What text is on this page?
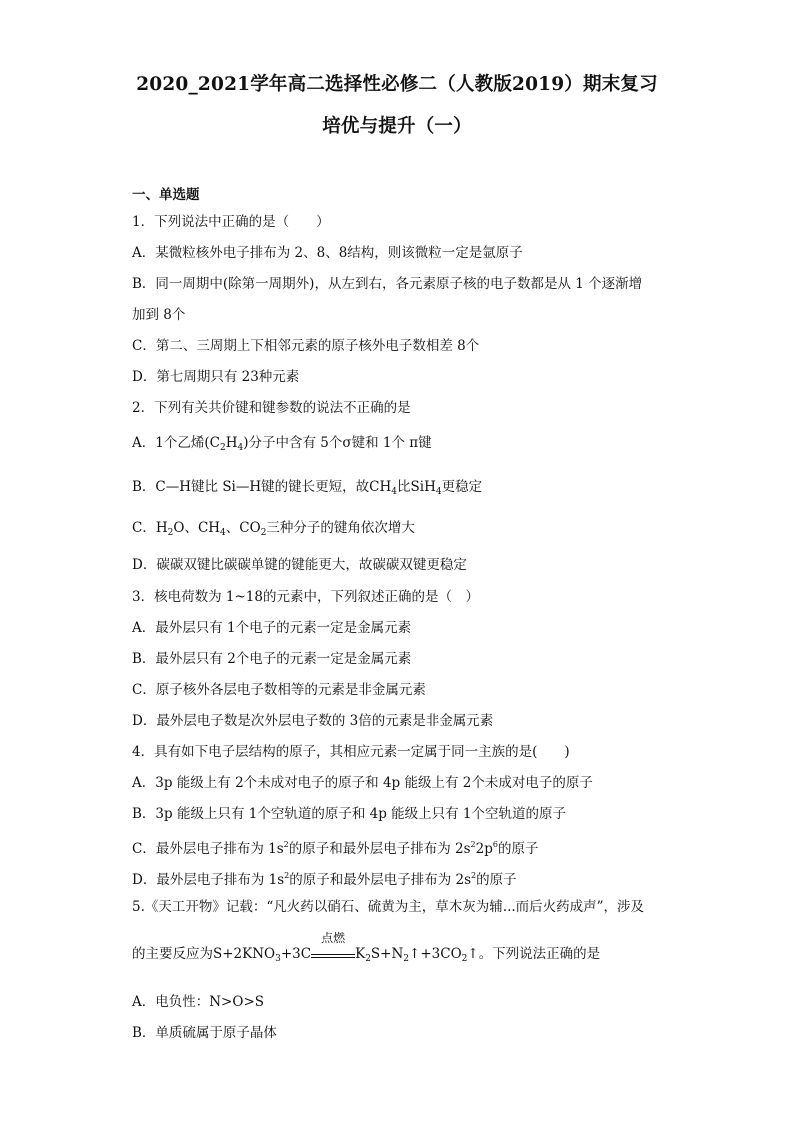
2020_2021学年高二选择性必修二（人教版2019）期末复习
培优与提升（一）
一、单选题
1．下列说法中正确的是（　　）
A．某微粒核外电子排布为 2、8、8结构，则该微粒一定是氩原子
B．同一周期中(除第一周期外)，从左到右，各元素原子核的电子数都是从 1 个逐渐增
加到 8个
C．第二、三周期上下相邻元素的原子核外电子数相差 8个
D．第七周期只有 23种元素
2．下列有关共价键和键参数的说法不正确的是
A．1个乙烯$(C_2H_4)$分子中含有 5个σ键和 1个 π键
B．C—H键比 Si—H键的键长更短，故$CH_4$比SiH$_4$更稳定
C．$H_2O$、$CH_4$、$CO_2$三种分子的键角依次增大
D．碳碳双键比碳碳单键的键能更大，故碳碳双键更稳定
3．核电荷数为 1~18的元素中，下列叙述正确的是（　）
A．最外层只有 1个电子的元素一定是金属元素
B．最外层只有 2个电子的元素一定是金属元素
C．原子核外各层电子数相等的元素是非金属元素
D．最外层电子数是次外层电子数的 3倍的元素是非金属元素
4．具有如下电子层结构的原子，其相应元素一定属于同一主族的是(　　)
A．3p 能级上有 2个未成对电子的原子和 4p 能级上有 2个未成对电子的原子
B．3p 能级上只有 1个空轨道的原子和 4p 能级上只有 1个空轨道的原子
C．最外层电子排布为 $1s^2$的原子和最外层电子排布为 $2s^22p^6$的原子
D．最外层电子排布为 $1s^2$的原子和最外层电子排布为 $2s^2$的原子
5.《天工开物》记载：“凡火药以硝石、硫黄为主，草木灰为辅...而后火药成声”，涉及
的主要反应为$S+2KNO_3+3C$
点燃
$K_2S+N_2↑+3CO_2↑$。下列说法正确的是
A．电负性：N>O>S
B．单质硫属于原子晶体
